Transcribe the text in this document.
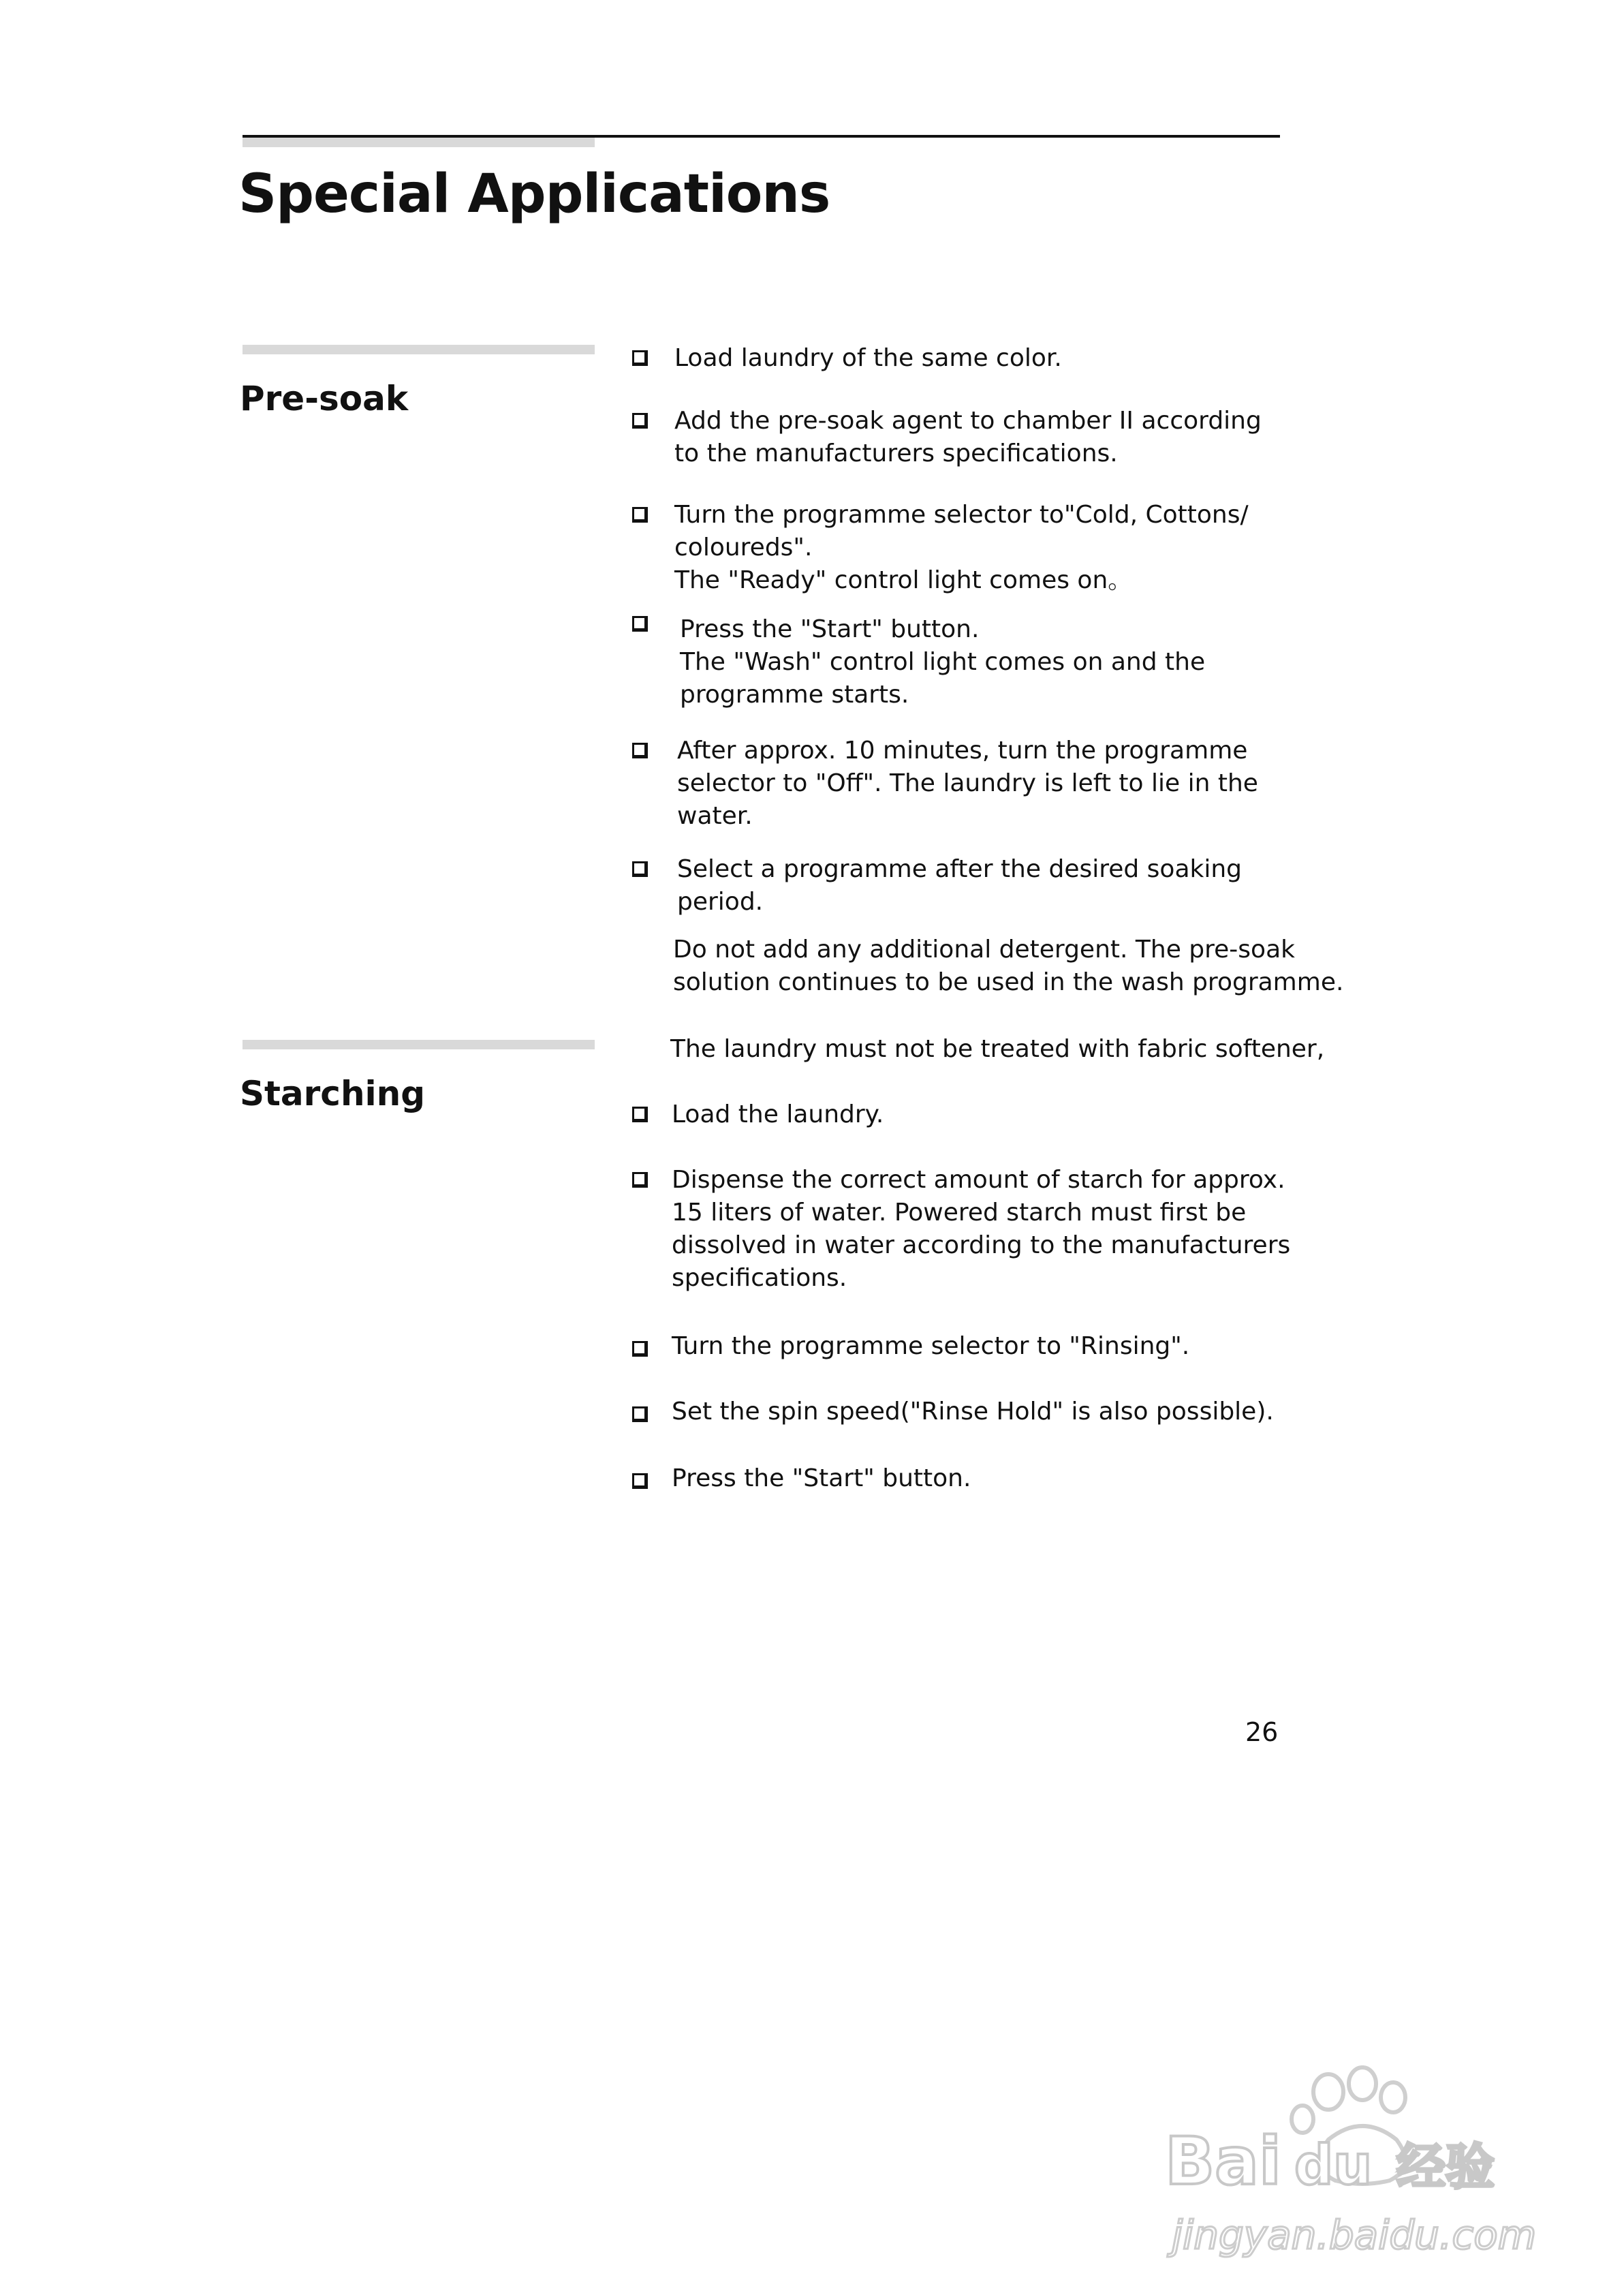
Special Applications
Pre-soak
Load laundry of the same color.
Add the pre-soak agent to chamber II according
to the manufacturers specifications.
Turn the programme selector to"Cold, Cottons/
coloureds".
The "Ready" control light comes on。
Press the "Start" button.
The "Wash" control light comes on and the
programme starts.
After approx. 10 minutes, turn the programme
selector to "Off". The laundry is left to lie in the
water.
Select a programme after the desired soaking
period.
Do not add any additional detergent. The pre-soak
solution continues to be used in the wash programme.
Starching
The laundry must not be treated with fabric softener,
Load the laundry.
Dispense the correct amount of starch for approx.
15 liters of water. Powered starch must first be
dissolved in water according to the manufacturers
specifications.
Turn the programme selector to "Rinsing".
Set the spin speed("Rinse Hold" is also possible).
Press the "Start" button.
26
Bai du 经验
jingyan.baidu.com
